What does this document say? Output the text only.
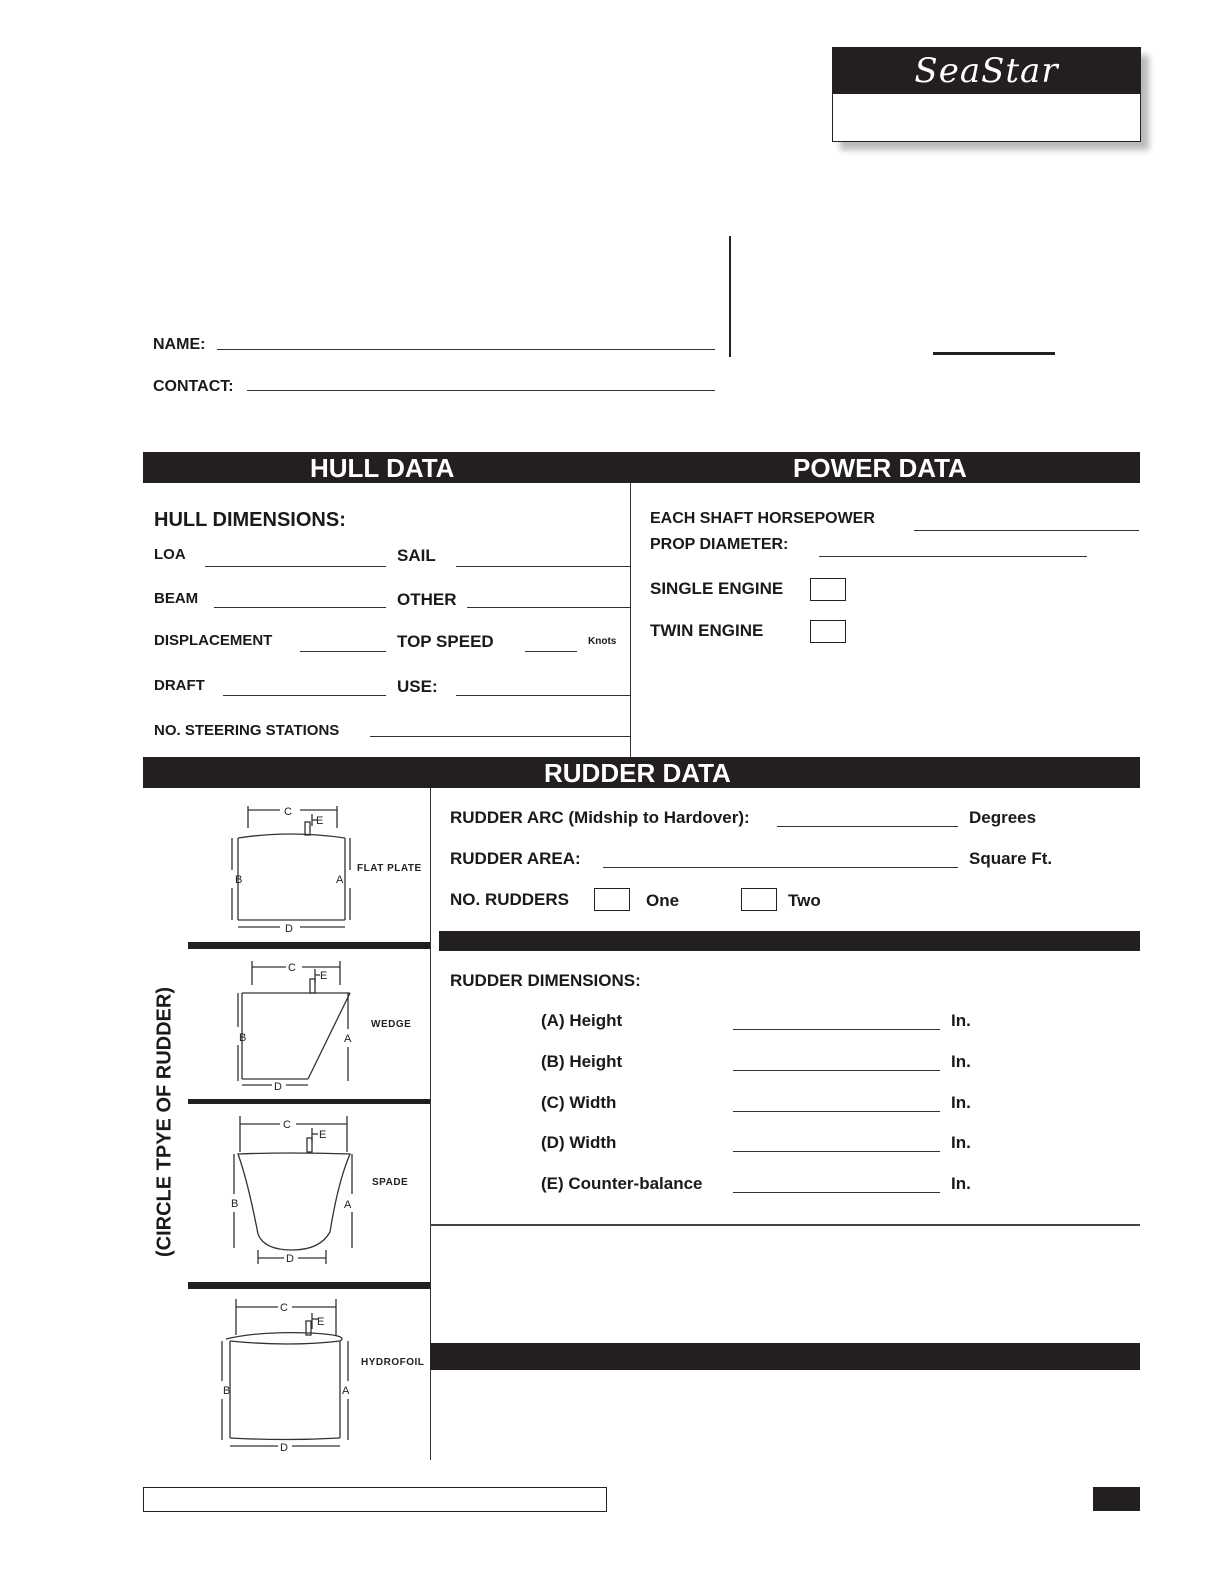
SeaStar
NAME:
CONTACT:
HULL DATA	POWER DATA
HULL DIMENSIONS:
LOA	SAIL
BEAM	OTHER
DISPLACEMENT	TOP SPEED	Knots
DRAFT	USE:
NO. STEERING STATIONS
EACH SHAFT HORSEPOWER
PROP DIAMETER:
SINGLE ENGINE
TWIN ENGINE
RUDDER DATA
(CIRCLE TPYE OF RUDDER)
C
E
B	A
D
FLAT PLATE
C
E
B	A
D
WEDGE
C
E
B	A
D
SPADE
C
E
B	A
D
HYDROFOIL
RUDDER ARC (Midship to Hardover):	Degrees
RUDDER AREA:	Square Ft.
NO. RUDDERS	One	Two
RUDDER DIMENSIONS:
(A) Height	In.
(B) Height	In.
(C) Width	In.
(D) Width	In.
(E) Counter-balance	In.
